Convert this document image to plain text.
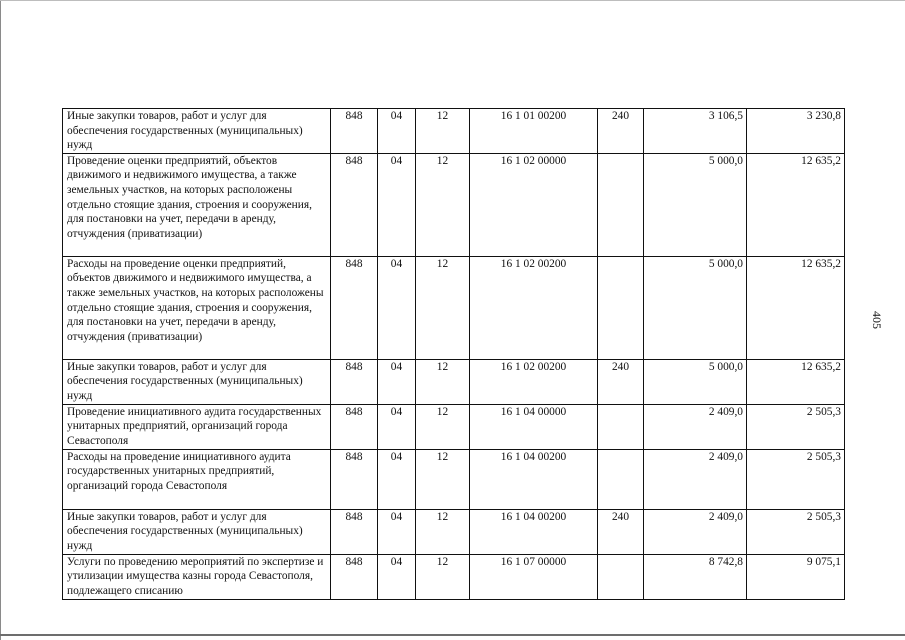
405
Иные закупки товаров, работ и услуг для обеспечения государственных (муниципальных) нужд	848	04	12	16 1 01 00200	240	3 106,5	3 230,8
Проведение оценки предприятий, объектов движимого и недвижимого имущества, а также земельных участков, на которых расположены отдельно стоящие здания, строения и сооружения, для постановки на учет, передачи в аренду, отчуждения (приватизации)	848	04	12	16 1 02 00000		5 000,0	12 635,2
Расходы на проведение оценки предприятий, объектов движимого и недвижимого имущества, а также земельных участков, на которых расположены отдельно стоящие здания, строения и сооружения, для постановки на учет, передачи в аренду, отчуждения (приватизации)	848	04	12	16 1 02 00200		5 000,0	12 635,2
Иные закупки товаров, работ и услуг для обеспечения государственных (муниципальных) нужд	848	04	12	16 1 02 00200	240	5 000,0	12 635,2
Проведение инициативного аудита государственных унитарных предприятий, организаций города Севастополя	848	04	12	16 1 04 00000		2 409,0	2 505,3
Расходы на проведение инициативного аудита государственных унитарных предприятий, организаций города Севастополя	848	04	12	16 1 04 00200		2 409,0	2 505,3
Иные закупки товаров, работ и услуг для обеспечения государственных (муниципальных) нужд	848	04	12	16 1 04 00200	240	2 409,0	2 505,3
Услуги по проведению мероприятий по экспертизе и утилизации имущества казны города Севастополя, подлежащего списанию	848	04	12	16 1 07 00000		8 742,8	9 075,1
